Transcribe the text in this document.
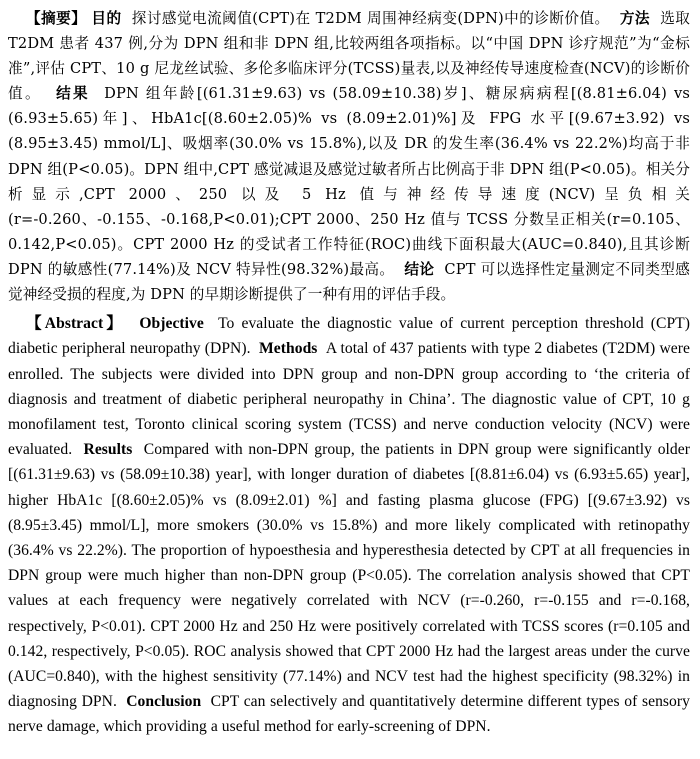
【摘要】 目的 探讨感觉电流阈值(CPT)在 T2DM 周围神经病变(DPN)中的诊断价值。 方法 选取 T2DM 患者 437 例,分为 DPN 组和非 DPN 组,比较两组各项指标。以“中国 DPN 诊疗规范”为“金标准”,评估 CPT、10 g 尼龙丝试验、多伦多临床评分(TCSS)量表,以及神经传导速度检查(NCV)的诊断价值。 结果 DPN 组年龄[(61.31±9.63) vs (58.09±10.38)岁]、糖尿病病程[(8.81±6.04) vs (6.93±5.65)年]、HbA1c[(8.60±2.05)% vs (8.09±2.01)%]及 FPG 水平[(9.67±3.92) vs (8.95±3.45) mmol/L]、吸烟率(30.0% vs 15.8%),以及 DR 的发生率(36.4% vs 22.2%)均高于非 DPN 组(P<0.05)。DPN 组中,CPT 感觉减退及感觉过敏者所占比例高于非 DPN 组(P<0.05)。相关分析显示,CPT 2000、250 以及 5 Hz 值与神经传导速度(NCV)呈负相关(r=-0.260、-0.155、-0.168,P<0.01);CPT 2000、250 Hz 值与 TCSS 分数呈正相关(r=0.105、0.142,P<0.05)。CPT 2000 Hz 的受试者工作特征(ROC)曲线下面积最大(AUC=0.840),且其诊断 DPN 的敏感性(77.14%)及 NCV 特异性(98.32%)最高。 结论 CPT 可以选择性定量测定不同类型感觉神经受损的程度,为 DPN 的早期诊断提供了一种有用的评估手段。

【Abstract】 Objective To evaluate the diagnostic value of current perception threshold (CPT) diabetic peripheral neuropathy (DPN). Methods A total of 437 patients with type 2 diabetes (T2DM) were enrolled. The subjects were divided into DPN group and non-DPN group according to ‘the criteria of diagnosis and treatment of diabetic peripheral neuropathy in China’. The diagnostic value of CPT, 10 g monofilament test, Toronto clinical scoring system (TCSS) and nerve conduction velocity (NCV) were evaluated. Results Compared with non-DPN group, the patients in DPN group were significantly older [(61.31±9.63) vs (58.09±10.38) year], with longer duration of diabetes [(8.81±6.04) vs (6.93±5.65) year], higher HbA1c [(8.60±2.05)% vs (8.09±2.01) %] and fasting plasma glucose (FPG) [(9.67±3.92) vs (8.95±3.45) mmol/L], more smokers (30.0% vs 15.8%) and more likely complicated with retinopathy (36.4% vs 22.2%). The proportion of hypoesthesia and hyperesthesia detected by CPT at all frequencies in DPN group were much higher than non-DPN group (P<0.05). The correlation analysis showed that CPT values at each frequency were negatively correlated with NCV (r=-0.260, r=-0.155 and r=-0.168, respectively, P<0.01). CPT 2000 Hz and 250 Hz were positively correlated with TCSS scores (r=0.105 and 0.142, respectively, P<0.05). ROC analysis showed that CPT 2000 Hz had the largest areas under the curve (AUC=0.840), with the highest sensitivity (77.14%) and NCV test had the highest specificity (98.32%) in diagnosing DPN. Conclusion CPT can selectively and quantitatively determine different types of sensory nerve damage, which providing a useful method for early-screening of DPN.
